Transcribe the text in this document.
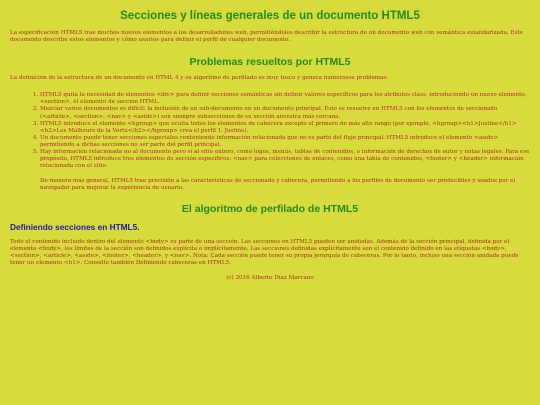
Secciones y líneas generales de un documento HTML5

La especificación HTML5 trae muchos nuevos elementos a los desarrolladores web, permitiéndoles describir la estructura de un documento web con semántica estandarizada. Este documento describe estos elementos y cómo usarlos para definir el perfil de cualquier documento.

Problemas resueltos por HTML5

La definición de la estructura de un documento en HTML 4 y su algoritmo de perfilado es muy tosco y genera numerosos problemas:

1. HTML5 quita la necesidad de elementos <div> para definir secciones semánticas sin definir valores específicos para los atributos class, introduciendo un nuevo elemento, <section>, el elemento de sección HTML.
2. Mezclar varios documentos es difícil: la inclusión de un sub-documento en un documento principal. Esto se resuelve en HTML5 con los elementos de seccionado (<article>, <section>, <nav> y <aside>) son siempre subsecciones de su sección ancestra más cercana.
3. HTML5 introduce el elemento <hgroup> que oculta todos los elementos de cabecera excepto el primero de más alto rango (por ejemplo, <hgroup><h1>Justine</h1><h2>Les Malheurs de la Vertu</h2></hgroup> crea el perfil 1. Justine).
4. Un documento puede tener secciones especiales conteniendo información relacionada que no es parte del flujo principal. HTML5 introduce el elemento <aside> permitiendo a dichas secciones no ser parte del perfil principal.
5. Hay información relacionada no al documento pero sí al sitio entero, como logos, menús, tablas de contenidos, o información de derechos de autor y notas legales. Para ese propósito, HTML5 introduce tres elementos de sección específicos: <nav> para colecciones de enlaces, como una tabla de contenidos, <footer> y <header> información relacionada con el sitio.

De manera más general, HTML5 trae precisión a las características de seccionado y cabecera, permitiendo a los perfiles de documento ser predecibles y usados por el navegador para mejorar la experiencia de usuario.

El algoritmo de perfilado de HTML5
Definiendo secciones en HTML5.

Todo el contenido incluido dentro del elemento <body> es parte de una sección. Las secciones en HTML5 pueden ser anidadas. Además de la sección principal, definida por el elemento <body>, los límites de la sección son definidos explícita o implícitamente. Las secciones definidas explícitamente son el contenido definido en las etiquetas <body>, <section>, <article>, <aside>, <footer>, <header>, y <nav>. Nota: Cada sección puede tener su propia jerarquía de cabeceras. Por lo tanto, incluso una sección anidada puede tener un elemento <h1>. Consulte también Definiendo cabeceras en HTML5.

(c) 2016 Alberto Díaz Marcano
